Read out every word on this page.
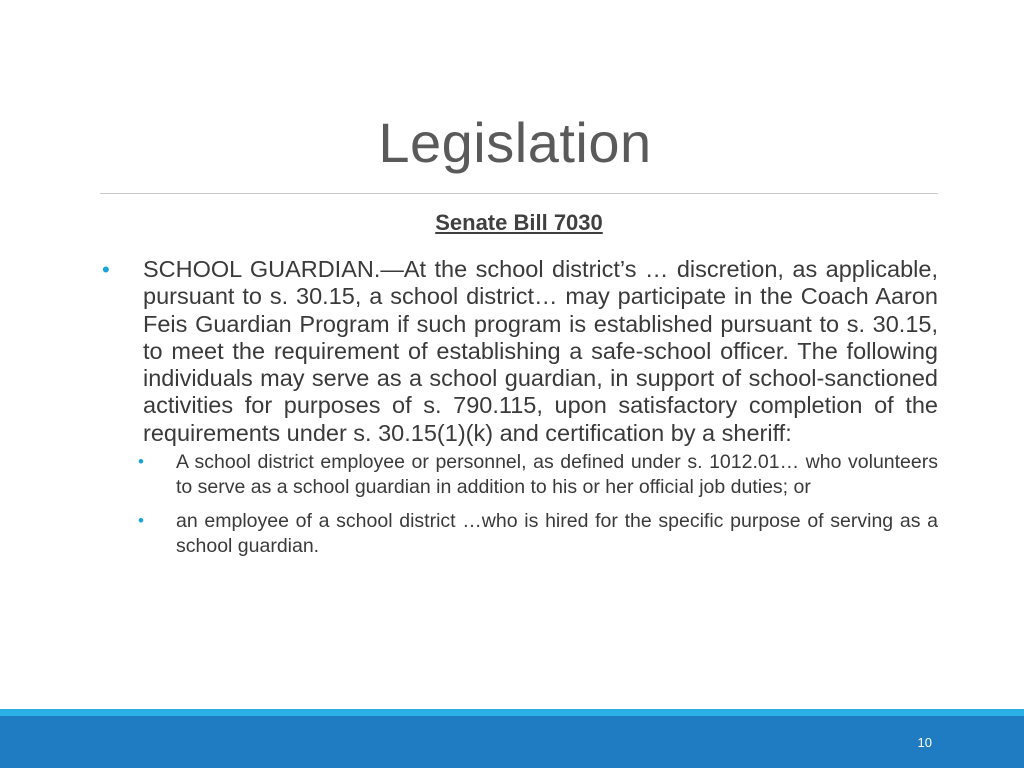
Legislation
Senate Bill 7030
• SCHOOL GUARDIAN.—At the school district’s … discretion, as applicable, pursuant to s. 30.15, a school district… may participate in the Coach Aaron Feis Guardian Program if such program is established pursuant to s. 30.15, to meet the requirement of establishing a safe-school officer. The following individuals may serve as a school guardian, in support of school-sanctioned activities for purposes of s. 790.115, upon satisfactory completion of the requirements under s. 30.15(1)(k) and certification by a sheriff:
• A school district employee or personnel, as defined under s. 1012.01… who volunteers to serve as a school guardian in addition to his or her official job duties; or
• an employee of a school district …who is hired for the specific purpose of serving as a school guardian.
10
